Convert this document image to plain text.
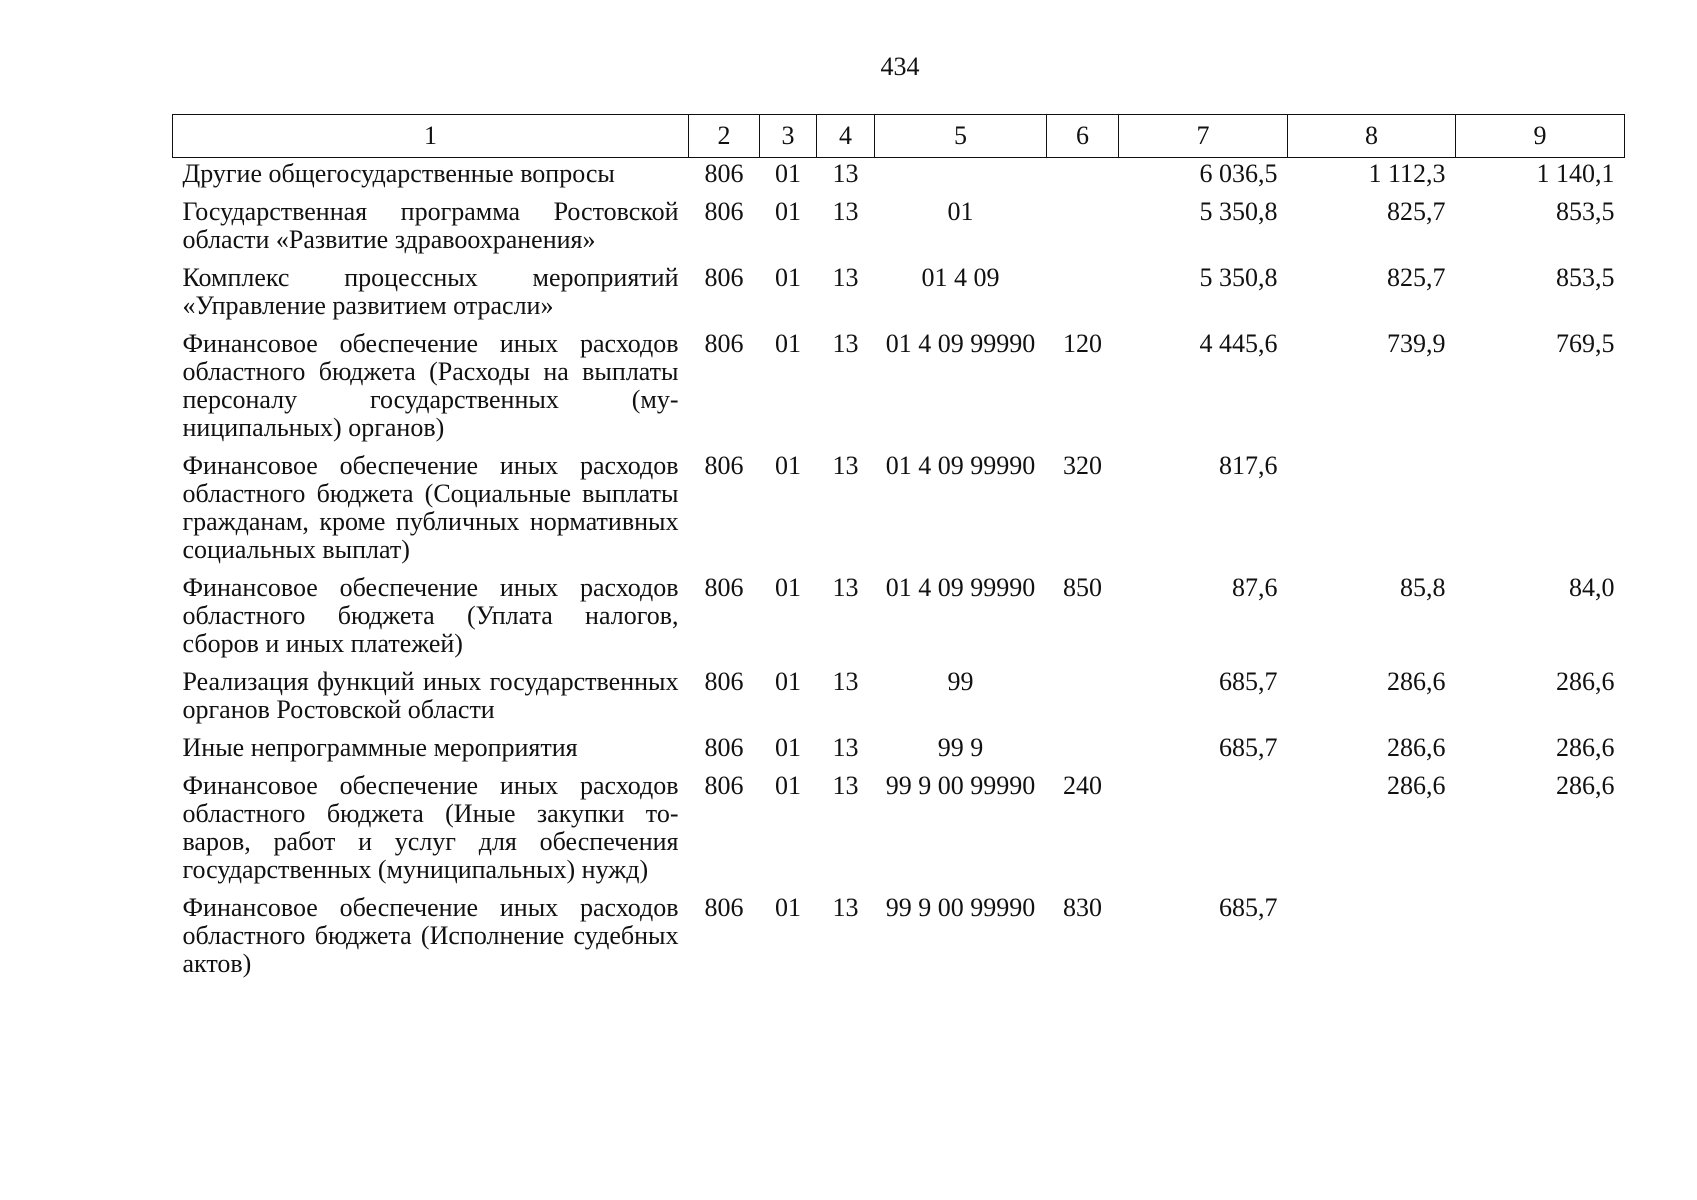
434
1	2	3	4	5	6	7	8	9
Другие общегосударственные вопросы	806	01	13			6 036,5	1 112,3	1 140,1
Государственная программа Ростовской области «Развитие здравоохранения»	806	01	13	01		5 350,8	825,7	853,5
Комплекс процессных мероприятий «Управление развитием отрасли»	806	01	13	01 4 09		5 350,8	825,7	853,5
Финансовое обеспечение иных расходов областного бюджета (Расходы на выплаты персоналу государственных (муниципальных) органов)	806	01	13	01 4 09 99990	120	4 445,6	739,9	769,5
Финансовое обеспечение иных расходов областного бюджета (Социальные выплаты гражданам, кроме публичных нормативных социальных выплат)	806	01	13	01 4 09 99990	320	817,6		
Финансовое обеспечение иных расходов областного бюджета (Уплата налогов, сборов и иных платежей)	806	01	13	01 4 09 99990	850	87,6	85,8	84,0
Реализация функций иных государственных органов Ростовской области	806	01	13	99		685,7	286,6	286,6
Иные непрограммные мероприятия	806	01	13	99 9		685,7	286,6	286,6
Финансовое обеспечение иных расходов областного бюджета (Иные закупки товаров, работ и услуг для обеспечения государственных (муниципальных) нужд)	806	01	13	99 9 00 99990	240		286,6	286,6
Финансовое обеспечение иных расходов областного бюджета (Исполнение судебных актов)	806	01	13	99 9 00 99990	830	685,7		
